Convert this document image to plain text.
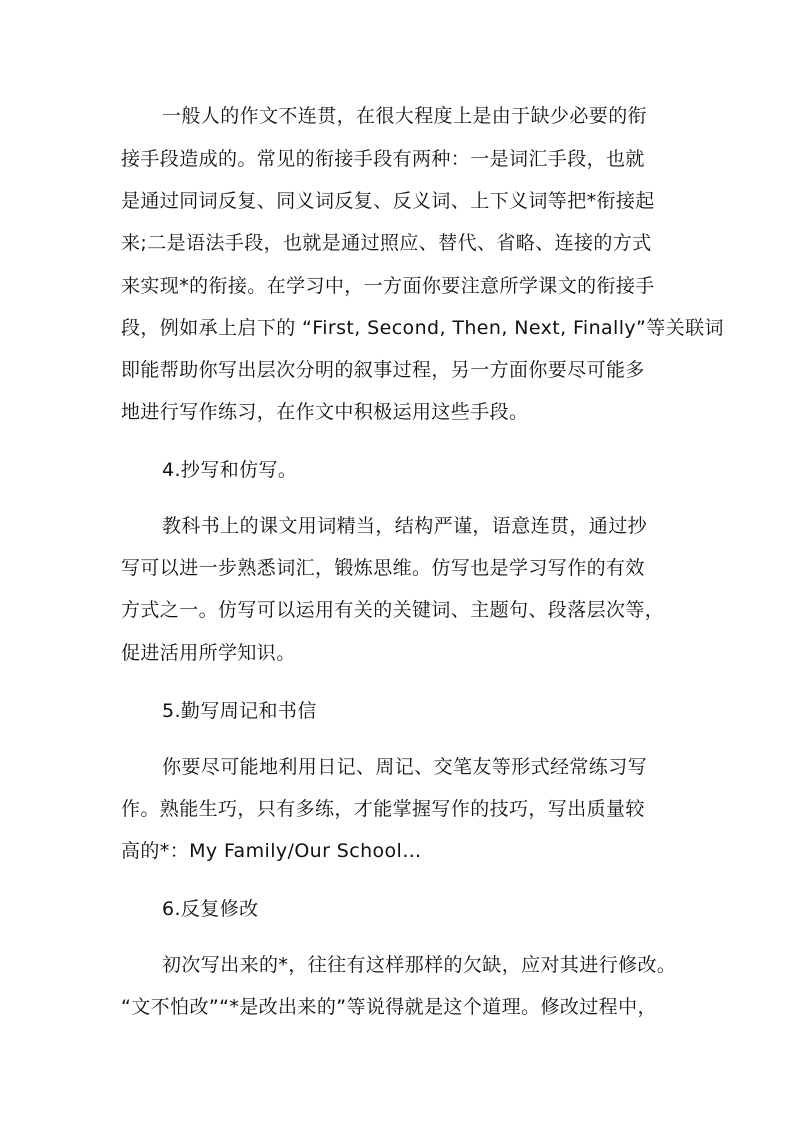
一般人的作文不连贯，在很大程度上是由于缺少必要的衔
接手段造成的。常见的衔接手段有两种：一是词汇手段，也就
是通过同词反复、同义词反复、反义词、上下义词等把*衔接起
来;二是语法手段，也就是通过照应、替代、省略、连接的方式
来实现*的衔接。在学习中，一方面你要注意所学课文的衔接手
段，例如承上启下的 “First, Second, Then, Next, Finally”等关联词
即能帮助你写出层次分明的叙事过程，另一方面你要尽可能多
地进行写作练习，在作文中积极运用这些手段。
4.抄写和仿写。
教科书上的课文用词精当，结构严谨，语意连贯，通过抄
写可以进一步熟悉词汇，锻炼思维。仿写也是学习写作的有效
方式之一。仿写可以运用有关的关键词、主题句、段落层次等，
促进活用所学知识。
5.勤写周记和书信
你要尽可能地利用日记、周记、交笔友等形式经常练习写
作。熟能生巧，只有多练，才能掌握写作的技巧，写出质量较
高的*：My Family/Our School…
6.反复修改
初次写出来的*，往往有这样那样的欠缺，应对其进行修改。
“文不怕改”“*是改出来的”等说得就是这个道理。修改过程中，
